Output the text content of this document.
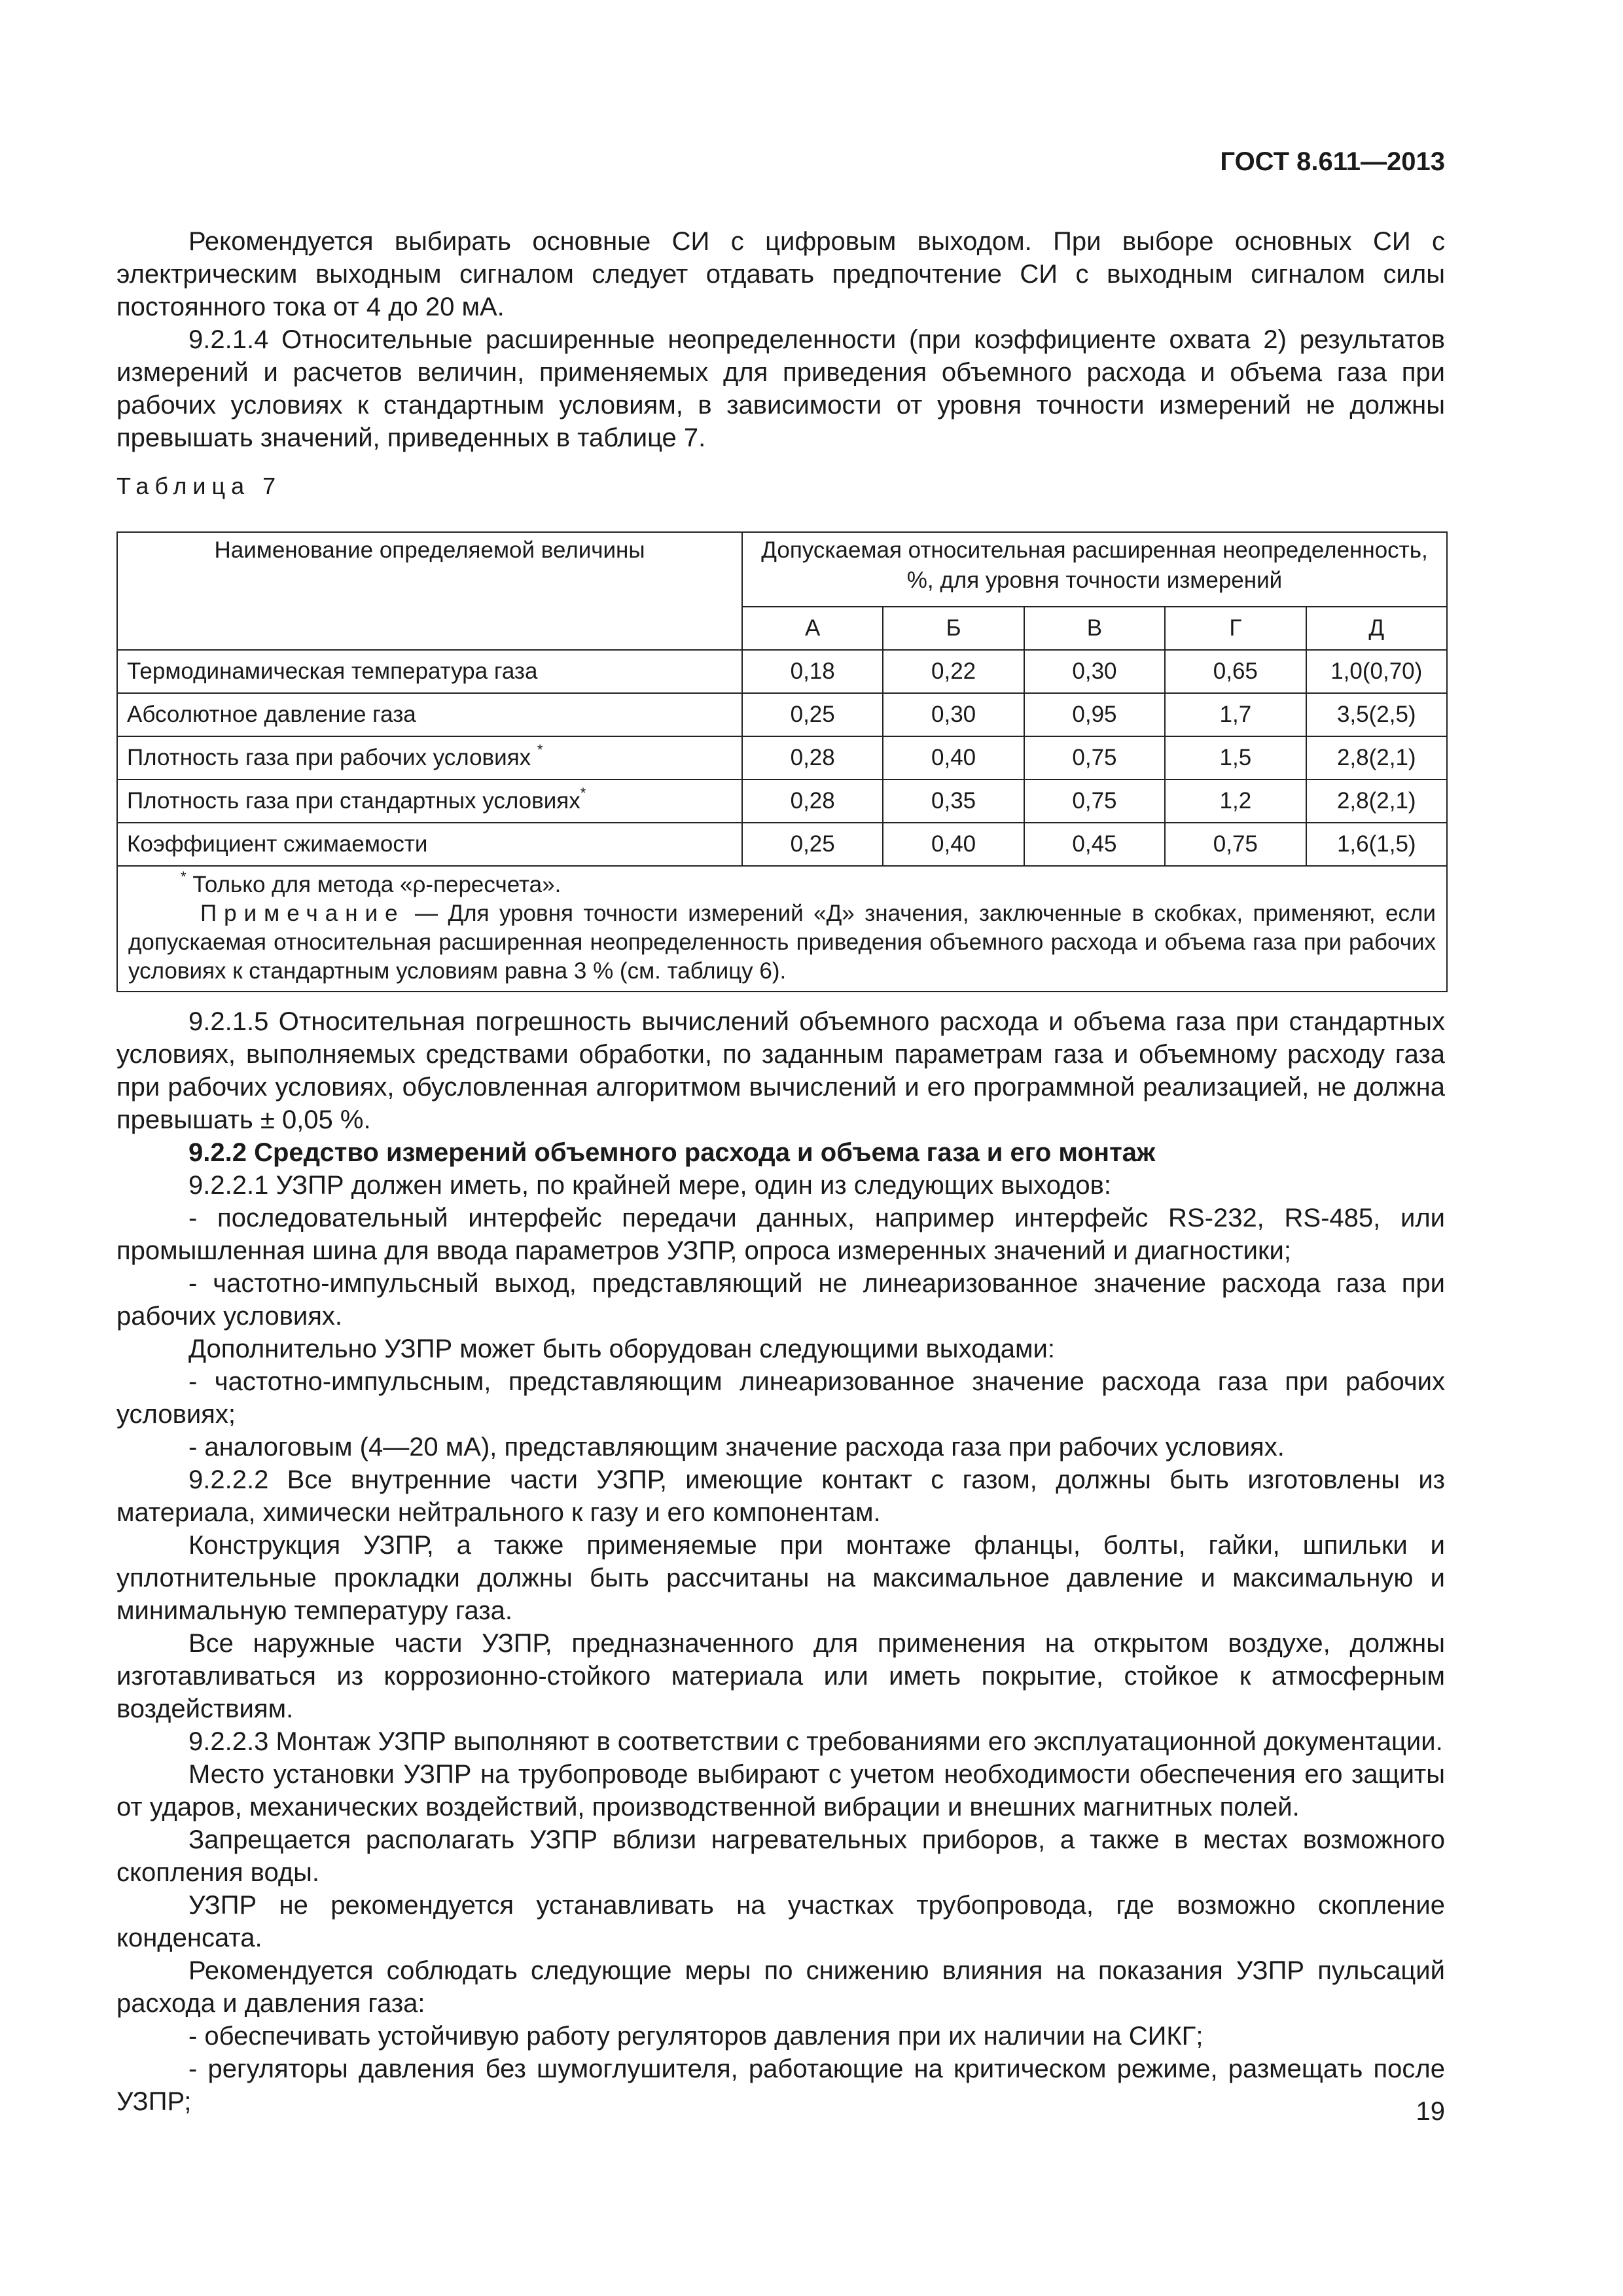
ГОСТ 8.611—2013

Рекомендуется выбирать основные СИ с цифровым выходом. При выборе основных СИ с электрическим выходным сигналом следует отдавать предпочтение СИ с выходным сигналом силы постоянного тока от 4 до 20 мА.

9.2.1.4 Относительные расширенные неопределенности (при коэффициенте охвата 2) результатов измерений и расчетов величин, применяемых для приведения объемного расхода и объема газа при рабочих условиях к стандартным условиям, в зависимости от уровня точности измерений не должны превышать значений, приведенных в таблице 7.

Таблица 7
Наименование определяемой величины	Допускаемая относительная расширенная неопределенность, %, для уровня точности измерений				
	А	Б	В	Г	Д
Термодинамическая температура газа	0,18	0,22	0,30	0,65	1,0(0,70)
Абсолютное давление газа	0,25	0,30	0,95	1,7	3,5(2,5)
Плотность газа при рабочих условиях *	0,28	0,40	0,75	1,5	2,8(2,1)
Плотность газа при стандартных условиях*	0,28	0,35	0,75	1,2	2,8(2,1)
Коэффициент сжимаемости	0,25	0,40	0,45	0,75	1,6(1,5)

* Только для метода «ρ-пересчета».
Примечание — Для уровня точности измерений «Д» значения, заключенные в скобках, применяют, если допускаемая относительная расширенная неопределенность приведения объемного расхода и объема газа при рабочих условиях к стандартным условиям равна 3 % (см. таблицу 6).					

9.2.1.5 Относительная погрешность вычислений объемного расхода и объема газа при стандартных условиях, выполняемых средствами обработки, по заданным параметрам газа и объемному расходу газа при рабочих условиях, обусловленная алгоритмом вычислений и его программной реализацией, не должна превышать ± 0,05 %.

9.2.2 Средство измерений объемного расхода и объема газа и его монтаж

9.2.2.1 УЗПР должен иметь, по крайней мере, один из следующих выходов:

- последовательный интерфейс передачи данных, например интерфейс RS-232, RS-485, или промышленная шина для ввода параметров УЗПР, опроса измеренных значений и диагностики;

- частотно-импульсный выход, представляющий не линеаризованное значение расхода газа при рабочих условиях.

Дополнительно УЗПР может быть оборудован следующими выходами:

- частотно-импульсным, представляющим линеаризованное значение расхода газа при рабочих условиях;

- аналоговым (4—20 мА), представляющим значение расхода газа при рабочих условиях.

9.2.2.2 Все внутренние части УЗПР, имеющие контакт с газом, должны быть изготовлены из материала, химически нейтрального к газу и его компонентам.

Конструкция УЗПР, а также применяемые при монтаже фланцы, болты, гайки, шпильки и уплотнительные прокладки должны быть рассчитаны на максимальное давление и максимальную и минимальную температуру газа.

Все наружные части УЗПР, предназначенного для применения на открытом воздухе, должны изготавливаться из коррозионно-стойкого материала или иметь покрытие, стойкое к атмосферным воздействиям.

9.2.2.3 Монтаж УЗПР выполняют в соответствии с требованиями его эксплуатационной документации.

Место установки УЗПР на трубопроводе выбирают с учетом необходимости обеспечения его защиты от ударов, механических воздействий, производственной вибрации и внешних магнитных полей.

Запрещается располагать УЗПР вблизи нагревательных приборов, а также в местах возможного скопления воды.

УЗПР не рекомендуется устанавливать на участках трубопровода, где возможно скопление конденсата.

Рекомендуется соблюдать следующие меры по снижению влияния на показания УЗПР пульсаций расхода и давления газа:

- обеспечивать устойчивую работу регуляторов давления при их наличии на СИКГ;

- регуляторы давления без шумоглушителя, работающие на критическом режиме, размещать после УЗПР;	19
